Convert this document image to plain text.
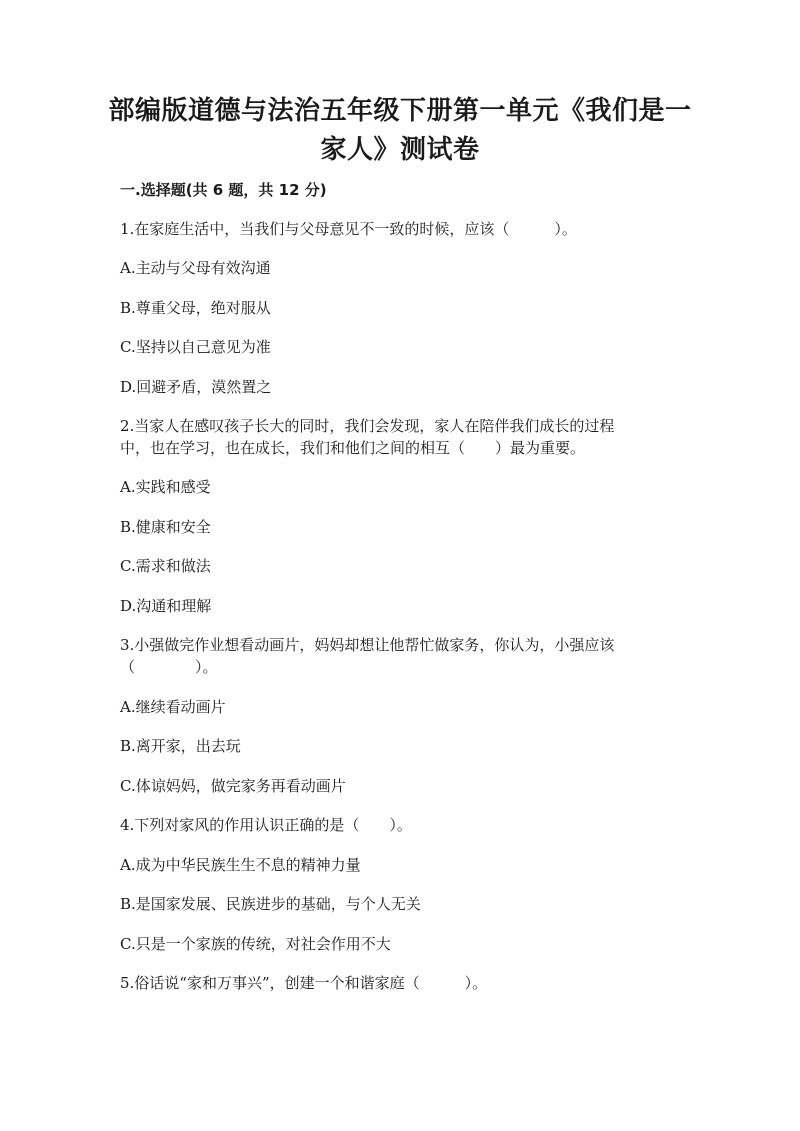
部编版道德与法治五年级下册第一单元《我们是一
家人》测试卷
一.选择题(共 6 题，共 12 分)
1.在家庭生活中，当我们与父母意见不一致的时候，应该（　　　）。
A.主动与父母有效沟通
B.尊重父母，绝对服从
C.坚持以自己意见为准
D.回避矛盾，漠然置之
2.当家人在感叹孩子长大的同时，我们会发现，家人在陪伴我们成长的过程
中，也在学习，也在成长，我们和他们之间的相互（　　）最为重要。
A.实践和感受
B.健康和安全
C.需求和做法
D.沟通和理解
3.小强做完作业想看动画片，妈妈却想让他帮忙做家务，你认为，小强应该
（　　　　）。
A.继续看动画片
B.离开家，出去玩
C.体谅妈妈，做完家务再看动画片
4.下列对家风的作用认识正确的是（　　）。
A.成为中华民族生生不息的精神力量
B.是国家发展、民族进步的基础，与个人无关
C.只是一个家族的传统，对社会作用不大
5.俗话说“家和万事兴”，创建一个和谐家庭（　　　）。
